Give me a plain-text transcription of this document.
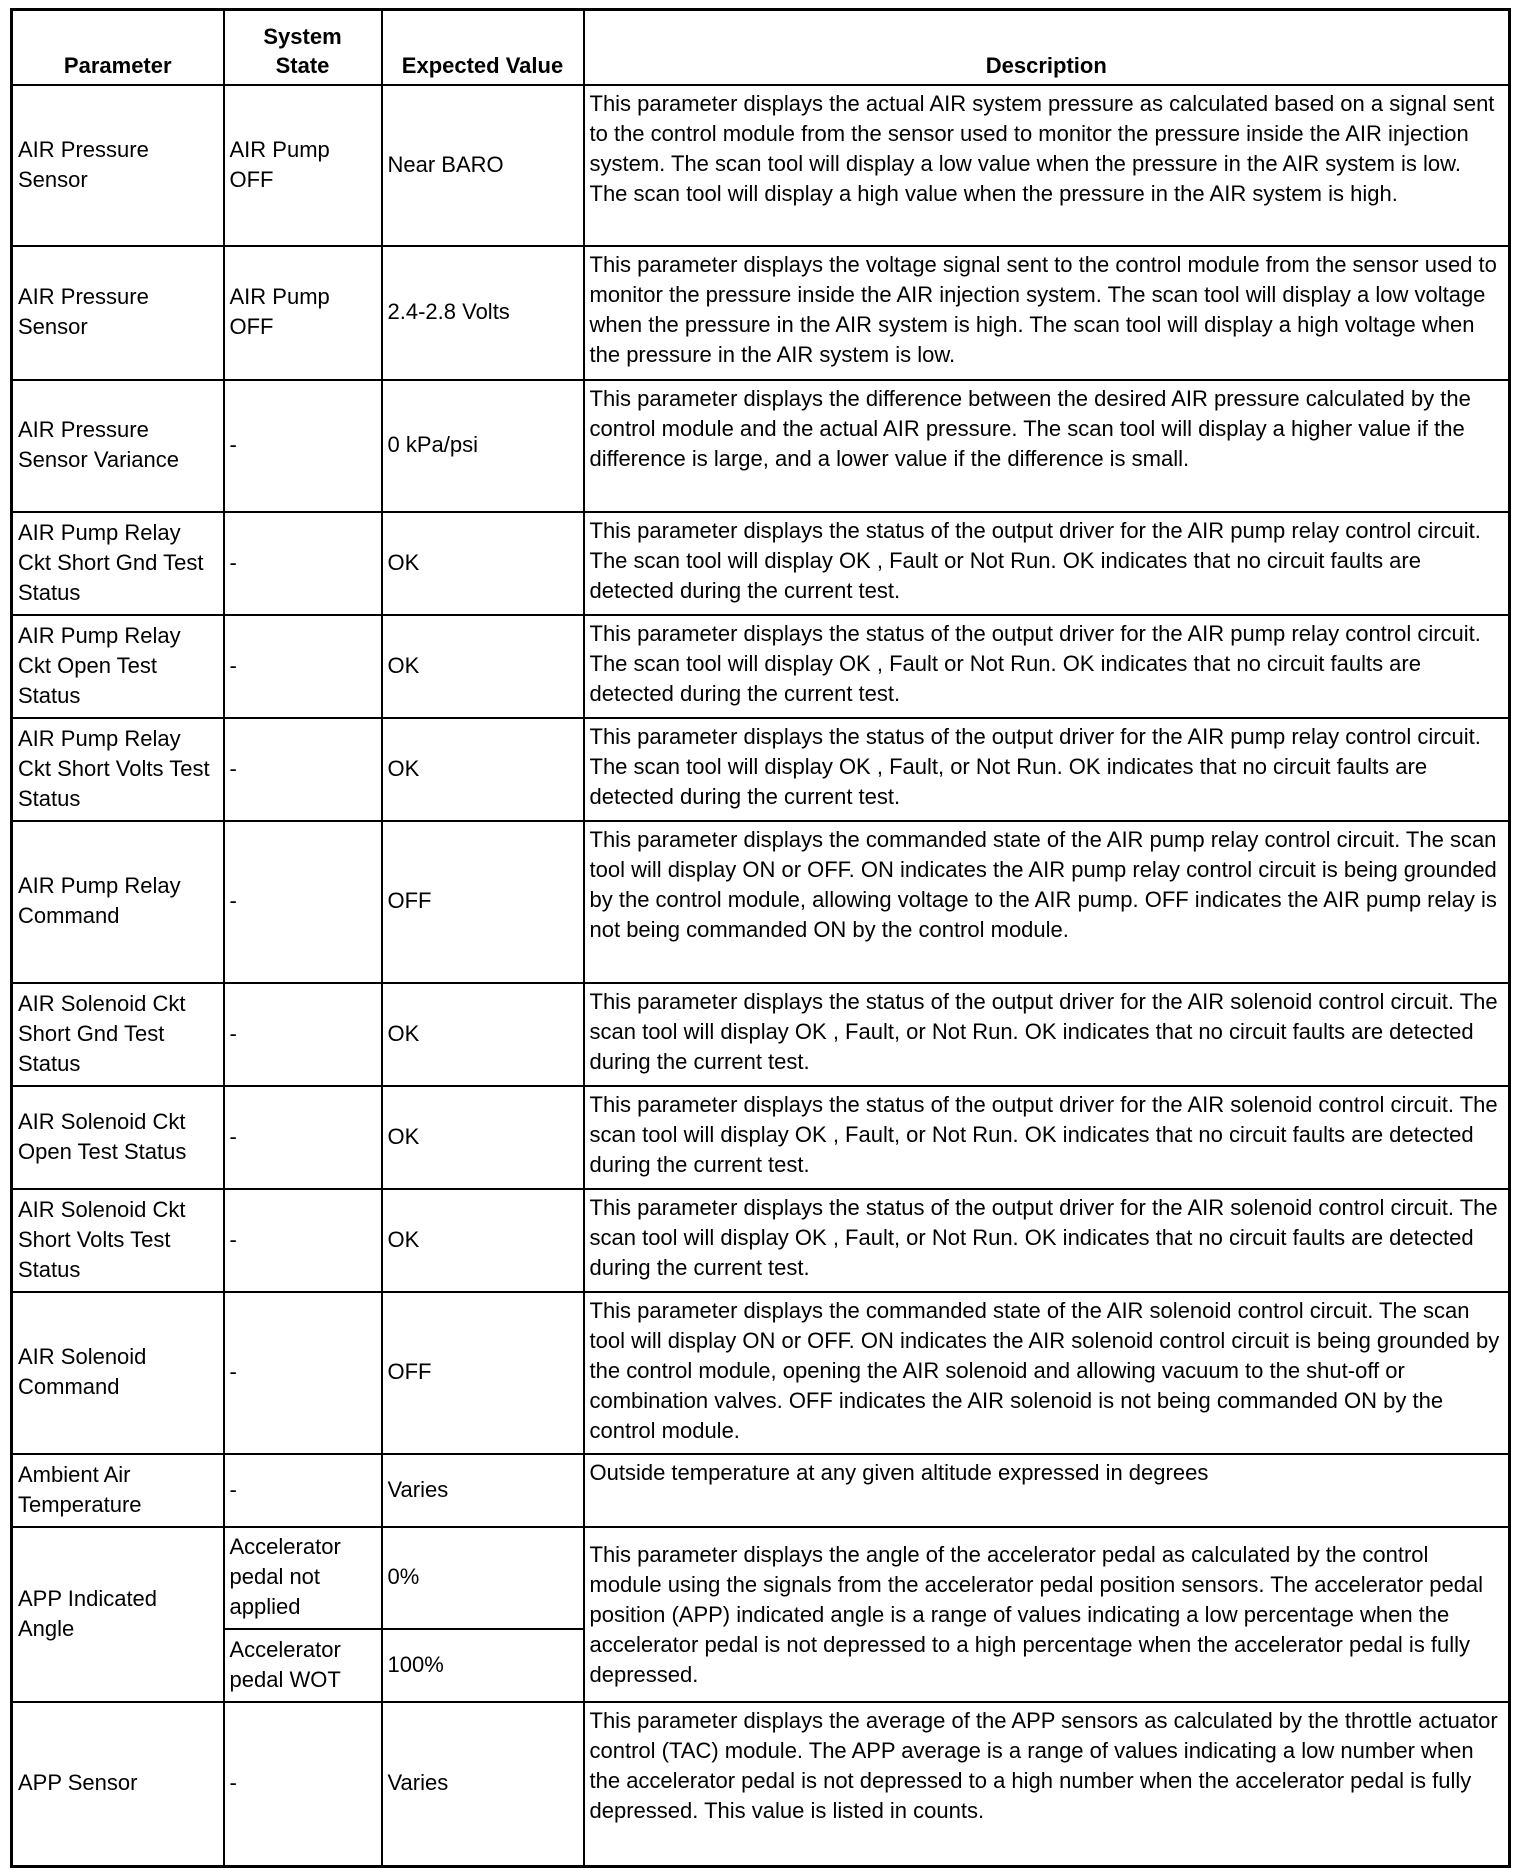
Parameter	System State	Expected Value	Description
AIR Pressure Sensor	AIR Pump OFF	Near BARO	This parameter displays the actual AIR system pressure as calculated based on a signal sent to the control module from the sensor used to monitor the pressure inside the AIR injection system. The scan tool will display a low value when the pressure in the AIR system is low. The scan tool will display a high value when the pressure in the AIR system is high.
AIR Pressure Sensor	AIR Pump OFF	2.4-2.8 Volts	This parameter displays the voltage signal sent to the control module from the sensor used to monitor the pressure inside the AIR injection system. The scan tool will display a low voltage when the pressure in the AIR system is high. The scan tool will display a high voltage when the pressure in the AIR system is low.
AIR Pressure Sensor Variance	-	0 kPa/psi	This parameter displays the difference between the desired AIR pressure calculated by the control module and the actual AIR pressure. The scan tool will display a higher value if the difference is large, and a lower value if the difference is small.
AIR Pump Relay Ckt Short Gnd Test Status	-	OK	This parameter displays the status of the output driver for the AIR pump relay control circuit. The scan tool will display OK , Fault or Not Run. OK indicates that no circuit faults are detected during the current test.
AIR Pump Relay Ckt Open Test Status	-	OK	This parameter displays the status of the output driver for the AIR pump relay control circuit. The scan tool will display OK , Fault or Not Run. OK indicates that no circuit faults are detected during the current test.
AIR Pump Relay Ckt Short Volts Test Status	-	OK	This parameter displays the status of the output driver for the AIR pump relay control circuit. The scan tool will display OK , Fault, or Not Run. OK indicates that no circuit faults are detected during the current test.
AIR Pump Relay Command	-	OFF	This parameter displays the commanded state of the AIR pump relay control circuit. The scan tool will display ON or OFF. ON indicates the AIR pump relay control circuit is being grounded by the control module, allowing voltage to the AIR pump. OFF indicates the AIR pump relay is not being commanded ON by the control module.
AIR Solenoid Ckt Short Gnd Test Status	-	OK	This parameter displays the status of the output driver for the AIR solenoid control circuit. The scan tool will display OK , Fault, or Not Run. OK indicates that no circuit faults are detected during the current test.
AIR Solenoid Ckt Open Test Status	-	OK	This parameter displays the status of the output driver for the AIR solenoid control circuit. The scan tool will display OK , Fault, or Not Run. OK indicates that no circuit faults are detected during the current test.
AIR Solenoid Ckt Short Volts Test Status	-	OK	This parameter displays the status of the output driver for the AIR solenoid control circuit. The scan tool will display OK , Fault, or Not Run. OK indicates that no circuit faults are detected during the current test.
AIR Solenoid Command	-	OFF	This parameter displays the commanded state of the AIR solenoid control circuit. The scan tool will display ON or OFF. ON indicates the AIR solenoid control circuit is being grounded by the control module, opening the AIR solenoid and allowing vacuum to the shut-off or combination valves. OFF indicates the AIR solenoid is not being commanded ON by the control module.
Ambient Air Temperature	-	Varies	Outside temperature at any given altitude expressed in degrees
APP Indicated Angle	Accelerator pedal not applied	0%	This parameter displays the angle of the accelerator pedal as calculated by the control module using the signals from the accelerator pedal position sensors. The accelerator pedal position (APP) indicated angle is a range of values indicating a low percentage when the accelerator pedal is not depressed to a high percentage when the accelerator pedal is fully depressed.
	Accelerator pedal WOT	100%	
APP Sensor	-	Varies	This parameter displays the average of the APP sensors as calculated by the throttle actuator control (TAC) module. The APP average is a range of values indicating a low number when the accelerator pedal is not depressed to a high number when the accelerator pedal is fully depressed. This value is listed in counts.
